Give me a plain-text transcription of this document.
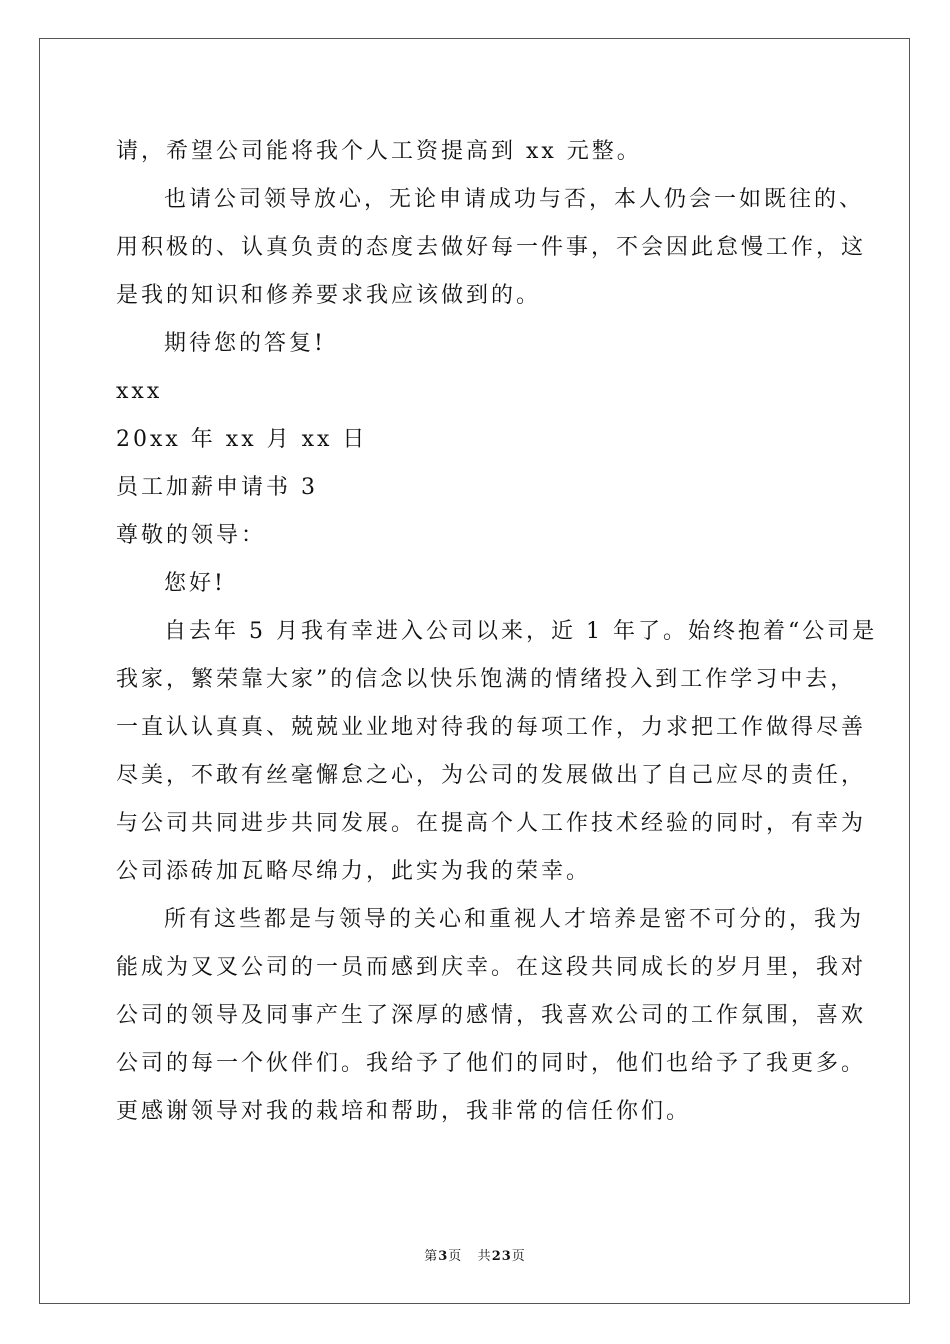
请，希望公司能将我个人工资提高到 xx 元整。
也请公司领导放心，无论申请成功与否，本人仍会一如既往的、
用积极的、认真负责的态度去做好每一件事，不会因此怠慢工作，这
是我的知识和修养要求我应该做到的。
期待您的答复!
xxx
20xx 年 xx 月 xx 日
员工加薪申请书 3
尊敬的领导：
您好!
自去年 5 月我有幸进入公司以来，近 1 年了。始终抱着“公司是
我家，繁荣靠大家”的信念以快乐饱满的情绪投入到工作学习中去，
一直认认真真、兢兢业业地对待我的每项工作，力求把工作做得尽善
尽美，不敢有丝毫懈怠之心，为公司的发展做出了自己应尽的责任，
与公司共同进步共同发展。在提高个人工作技术经验的同时，有幸为
公司添砖加瓦略尽绵力，此实为我的荣幸。
所有这些都是与领导的关心和重视人才培养是密不可分的，我为
能成为叉叉公司的一员而感到庆幸。在这段共同成长的岁月里，我对
公司的领导及同事产生了深厚的感情，我喜欢公司的工作氛围，喜欢
公司的每一个伙伴们。我给予了他们的同时，他们也给予了我更多。
更感谢领导对我的栽培和帮助，我非常的信任你们。
第3页 共23页
